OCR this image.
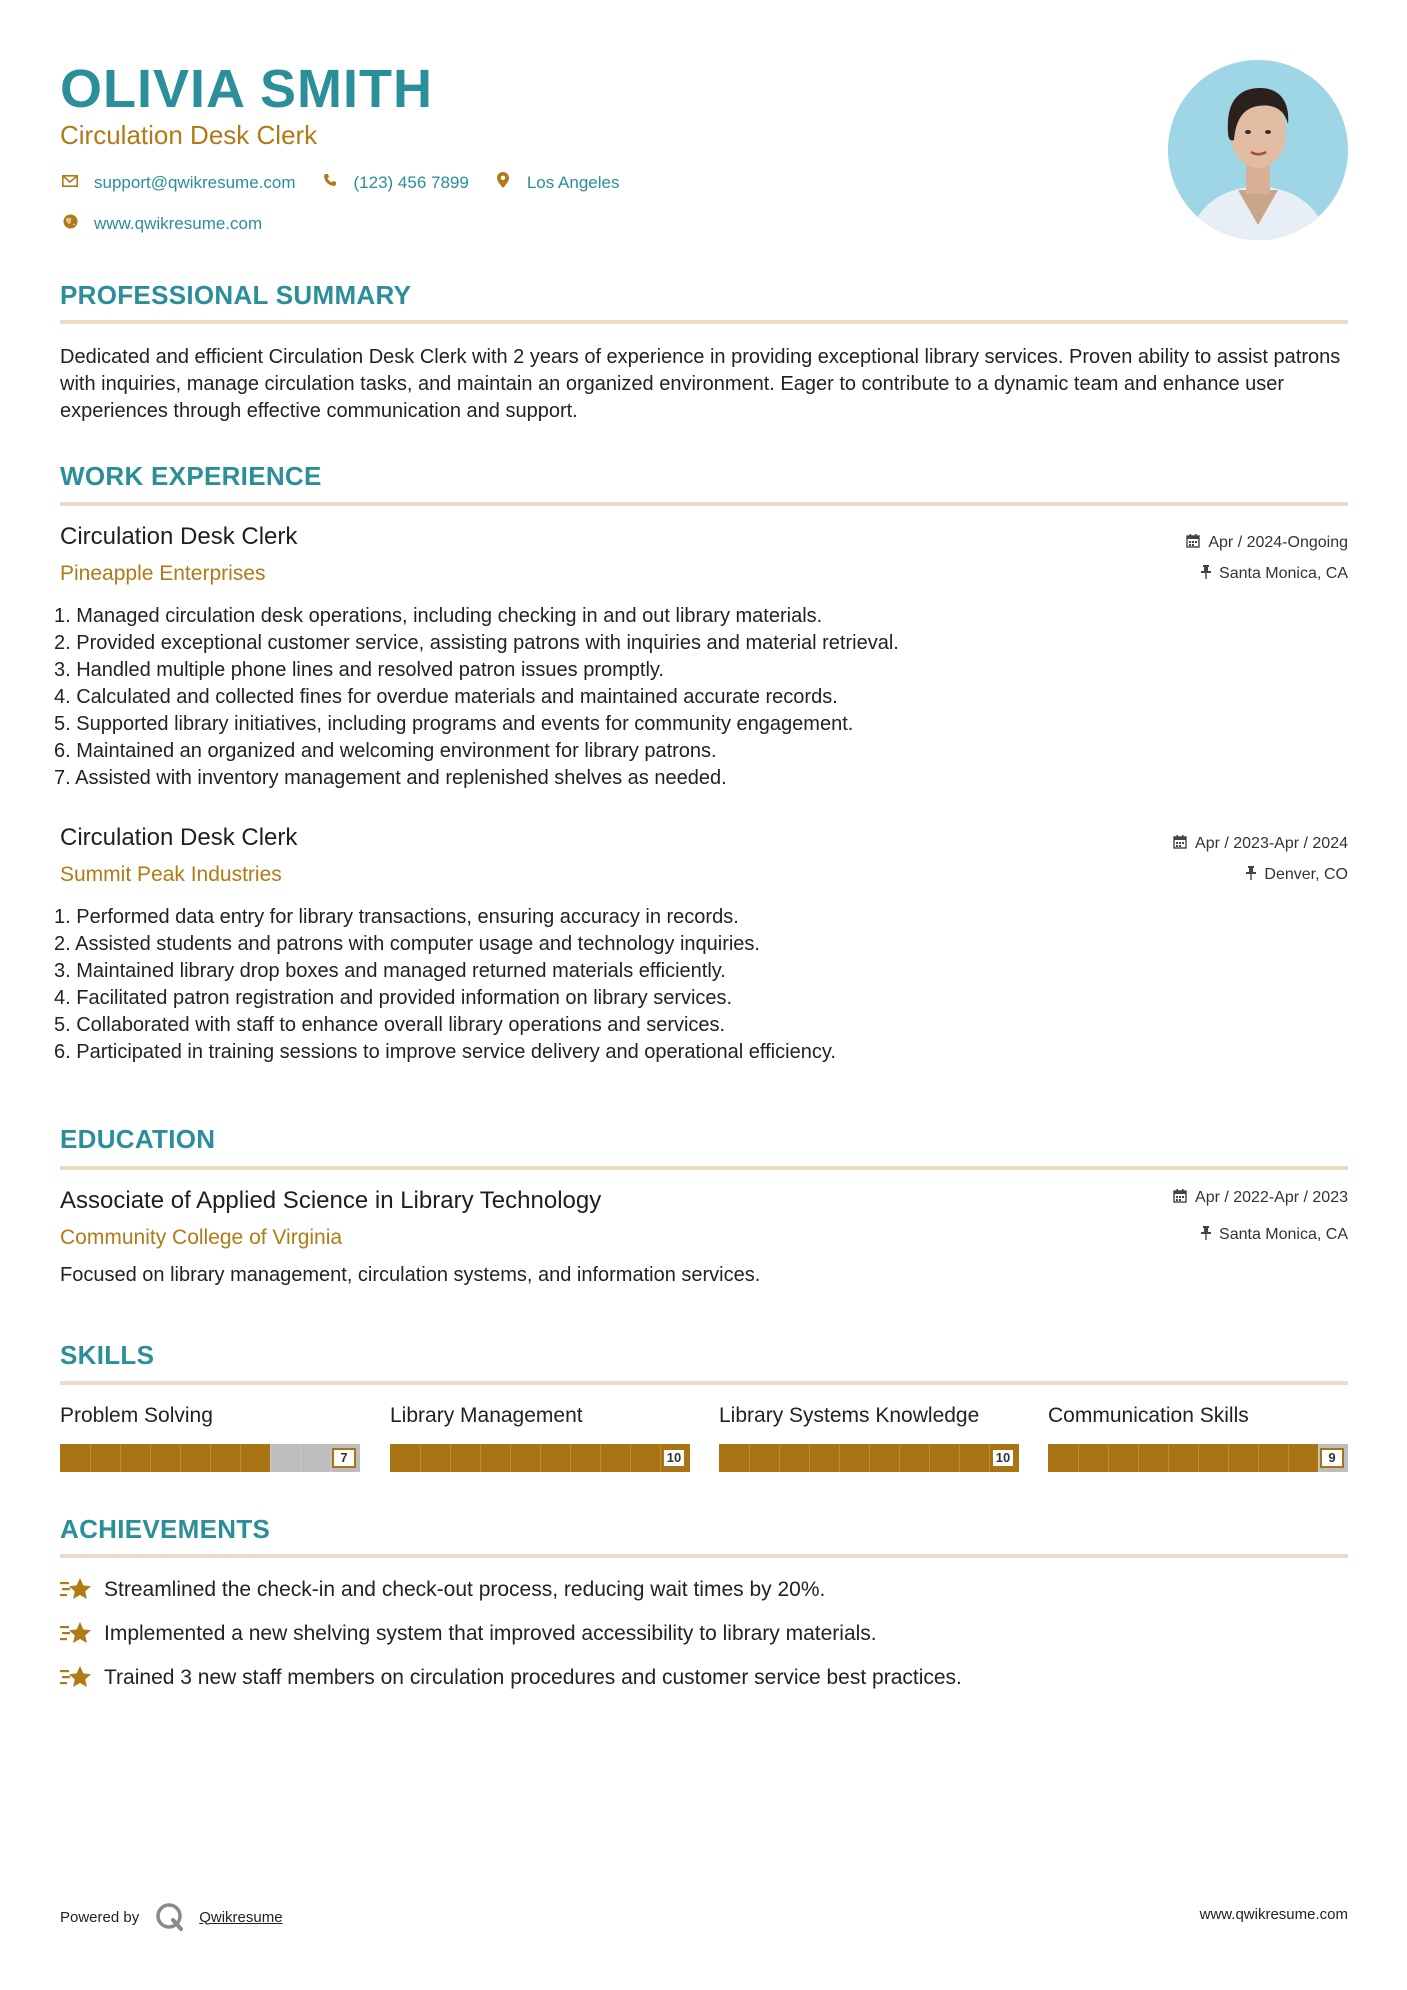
OLIVIA SMITH
Circulation Desk Clerk
support@qwikresume.com	(123) 456 7899	Los Angeles
www.qwikresume.com
PROFESSIONAL SUMMARY
Dedicated and efficient Circulation Desk Clerk with 2 years of experience in providing exceptional library services. Proven ability to assist patrons with inquiries, manage circulation tasks, and maintain an organized environment. Eager to contribute to a dynamic team and enhance user experiences through effective communication and support.
WORK EXPERIENCE
Circulation Desk Clerk
Pineapple Enterprises
Apr / 2024-Ongoing
Santa Monica, CA
1. Managed circulation desk operations, including checking in and out library materials.
2. Provided exceptional customer service, assisting patrons with inquiries and material retrieval.
3. Handled multiple phone lines and resolved patron issues promptly.
4. Calculated and collected fines for overdue materials and maintained accurate records.
5. Supported library initiatives, including programs and events for community engagement.
6. Maintained an organized and welcoming environment for library patrons.
7. Assisted with inventory management and replenished shelves as needed.
Circulation Desk Clerk
Summit Peak Industries
Apr / 2023-Apr / 2024
Denver, CO
1. Performed data entry for library transactions, ensuring accuracy in records.
2. Assisted students and patrons with computer usage and technology inquiries.
3. Maintained library drop boxes and managed returned materials efficiently.
4. Facilitated patron registration and provided information on library services.
5. Collaborated with staff to enhance overall library operations and services.
6. Participated in training sessions to improve service delivery and operational efficiency.
EDUCATION
Associate of Applied Science in Library Technology
Community College of Virginia
Apr / 2022-Apr / 2023
Santa Monica, CA
Focused on library management, circulation systems, and information services.
SKILLS
Problem Solving
7
Library Management
10
Library Systems Knowledge
10
Communication Skills
9
ACHIEVEMENTS
Streamlined the check-in and check-out process, reducing wait times by 20%.
Implemented a new shelving system that improved accessibility to library materials.
Trained 3 new staff members on circulation procedures and customer service best practices.
Powered by	Qwikresume	www.qwikresume.com
